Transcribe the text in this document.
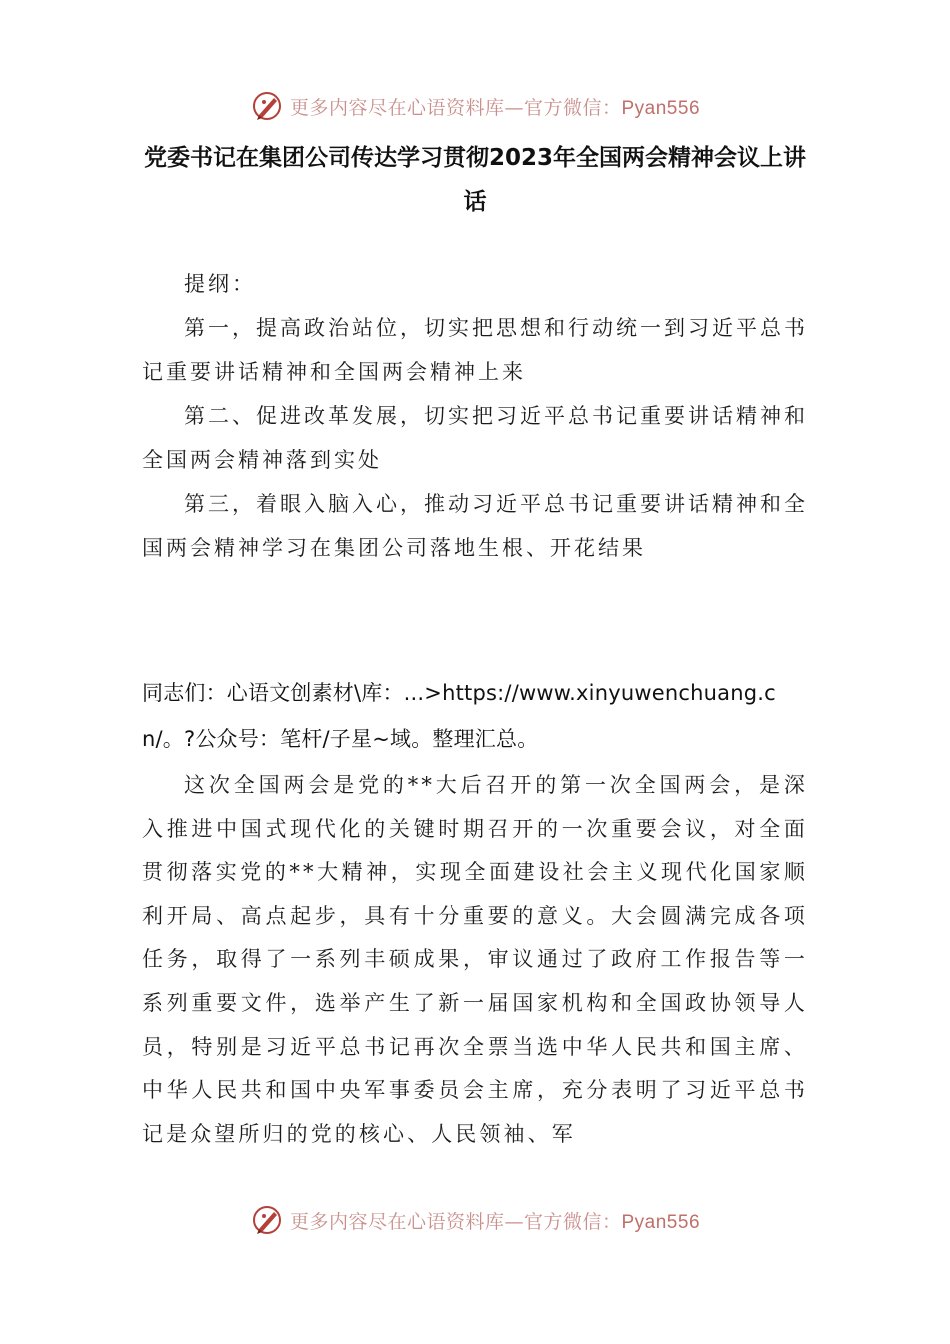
更多内容尽在心语资料库—官方微信：Pyan556
党委书记在集团公司传达学习贯彻2023年全国两会精神会议上讲话

提纲：

第一，提高政治站位，切实把思想和行动统一到习近平总书记重要讲话精神和全国两会精神上来

第二、促进改革发展，切实把习近平总书记重要讲话精神和全国两会精神落到实处

第三，着眼入脑入心，推动习近平总书记重要讲话精神和全国两会精神学习在集团公司落地生根、开花结果

同志们：心语文创素材\库：...>https://www.xinyuwenchuang.cn/。?公众号：笔杆/子星~域。整理汇总。

这次全国两会是党的**大后召开的第一次全国两会，是深入推进中国式现代化的关键时期召开的一次重要会议，对全面贯彻落实党的**大精神，实现全面建设社会主义现代化国家顺利开局、高点起步，具有十分重要的意义。大会圆满完成各项任务，取得了一系列丰硕成果，审议通过了政府工作报告等一系列重要文件，选举产生了新一届国家机构和全国政协领导人员，特别是习近平总书记再次全票当选中华人民共和国主席、中华人民共和国中央军事委员会主席，充分表明了习近平总书记是众望所归的党的核心、人民领袖、军

更多内容尽在心语资料库—官方微信：Pyan556
